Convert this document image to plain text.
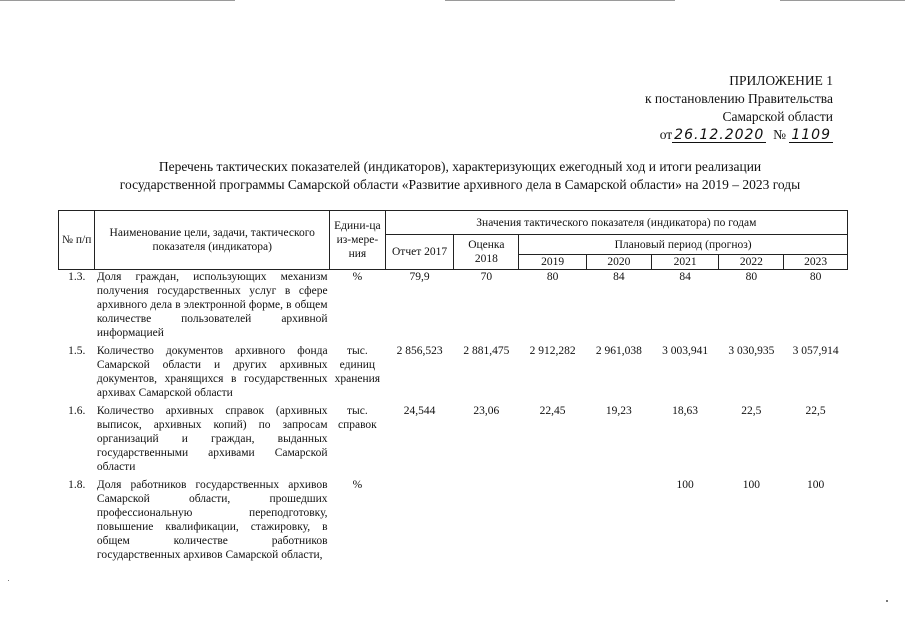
ПРИЛОЖЕНИЕ 1
к постановлению Правительства
Самарской области
от 26.12.2020 № 1109
Перечень тактических показателей (индикаторов), характеризующих ежегодный ход и итоги реализации
государственной программы Самарской области «Развитие архивного дела в Самарской области» на 2019 – 2023 годы
№ п/п	Наименование цели, задачи, тактического показателя (индикатора)	Едини-ца из-мере-ния	Значения тактического показателя (индикатора) по годам						
			Отчет 2017	Оценка 2018	Плановый период (прогноз)				
					2019	2020	2021	2022	2023
1.3.	Доля граждан, использующих механизм получения государственных услуг в сфере архивного дела в электронной форме, в общем количестве пользователей архивной информацией	%	79,9	70	80	84	84	80	80

1.5.	Количество документов архивного фонда Самарской области и других архивных документов, хранящихся в государственных архивах Самарской области	тыс. единиц хранения	2 856,523	2 881,475	2 912,282	2 961,038	3 003,941	3 030,935	3 057,914

1.6.	Количество архивных справок (архивных выписок, архивных копий) по запросам организаций и граждан, выданных государственными архивами Самарской области	тыс. справок	24,544	23,06	22,45	19,23	18,63	22,5	22,5

1.8.	Доля работников государственных архивов Самарской области, прошедших профессиональную переподготовку, повышение квалификации, стажировку, в общем количестве работников государственных архивов Самарской области,	%					100	100	100
